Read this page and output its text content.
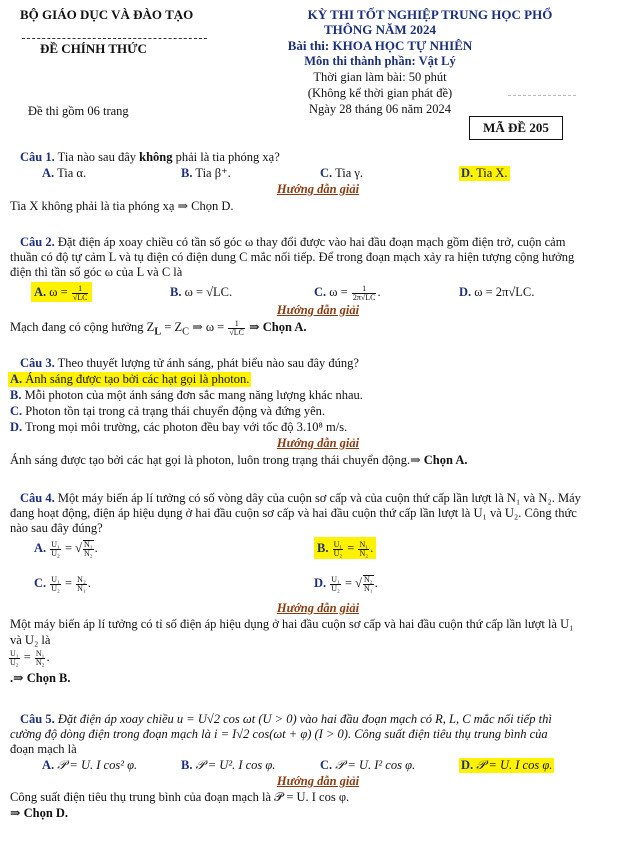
BỘ GIÁO DỤC VÀ ĐÀO TẠO
ĐỀ CHÍNH THỨC
Đề thi gồm 06 trang
KỲ THI TỐT NGHIỆP TRUNG HỌC PHỔ
THÔNG NĂM 2024
Bài thi: KHOA HỌC TỰ NHIÊN
Môn thi thành phần: Vật Lý
Thời gian làm bài: 50 phút
(Không kể thời gian phát đề)
Ngày 28 tháng 06 năm 2024
MÃ ĐỀ 205
Câu 1. Tia nào sau đây không phải là tia phóng xạ?
A. Tia α.	B. Tia β⁺.	C. Tia γ.	D. Tia X.
Hướng dẫn giải
Tia X không phải là tia phóng xạ ⇒ Chọn D.
Câu 2. Đặt điện áp xoay chiều có tần số góc ω thay đổi được vào hai đầu đoạn mạch gồm điện trở, cuộn cảm
thuần có độ tự cảm L và tụ điện có điện dung C mắc nối tiếp. Để trong đoạn mạch xảy ra hiện tượng cộng hưởng
điện thì tần số góc ω của L và C là
A. $\omega = \frac{1}{√LC}$	B. ω = √LC.	C. $\omega = \frac{1}{2\pi√LC}$ .	D. ω = 2π√LC.
Hướng dẫn giải
Mạch đang có cộng hưởng $Z_L = Z_C$ ⇒ $\omega = \frac{1}{√LC}$ ⇒ Chọn A.
Câu 3. Theo thuyết lượng tử ánh sáng, phát biểu nào sau đây đúng?
A. Ánh sáng được tạo bởi các hạt gọi là photon.
B. Mỗi photon của một ánh sáng đơn sắc mang năng lượng khác nhau.
C. Photon tồn tại trong cả trạng thái chuyển động và đứng yên.
D. Trong mọi môi trường, các photon đều bay với tốc độ 3.10⁸ m/s.
Hướng dẫn giải
Ánh sáng được tạo bởi các hạt gọi là photon, luôn trong trạng thái chuyển động.⇒ Chọn A.
Câu 4. Một máy biến áp lí tưởng có số vòng dây của cuộn sơ cấp và của cuộn thứ cấp lần lượt là N₁ và N₂. Máy
đang hoạt động, điện áp hiệu dụng ở hai đầu cuộn sơ cấp và hai đầu cuộn thứ cấp lần lượt là U₁ và U₂. Công thức
nào sau đây đúng?
A. $\frac{\text{U₁}}{\text{U₂}}$ = √ $\frac{\text{N₁}}{\text{N₂}}$ .	B. $\frac{\text{U₁}}{\text{U₂}} = \frac{\text{N₁}}{\text{N₂}}$ .
C. $\frac{\text{U₁}}{\text{U₂}} = \frac{\text{N₂}}{\text{N₁}}$ .	D. $\frac{\text{U₁}}{\text{U₂}}$ = √ $\frac{\text{N₂}}{\text{N₁}}$ .
Hướng dẫn giải
Một máy biến áp lí tưởng có tỉ số điện áp hiệu dụng ở hai đầu cuộn sơ cấp và hai đầu cuộn thứ cấp lần lượt là U₁
và U₂ là
$\frac{\text{U₁}}{\text{U₂}} = \frac{\text{N₁}}{\text{N₂}}$ .
.⇒ Chọn B.
Câu 5. Đặt điện áp xoay chiều u = U√2 cos ωt (U > 0) vào hai đầu đoạn mạch có R, L, C mắc nối tiếp thì
cường độ dòng điện trong đoạn mạch là i = I√2 cos(ωt + φ) (I > 0). Công suất điện tiêu thụ trung bình của
đoạn mạch là
A. 𝒫 = U. I cos² φ.	B. 𝒫 = U². I cos φ.	C. 𝒫 = U. I² cos φ.	D. 𝒫 = U. I cos φ.
Hướng dẫn giải
Công suất điện tiêu thụ trung bình của đoạn mạch là 𝒫 = U. I cos φ.
⇒ Chọn D.
